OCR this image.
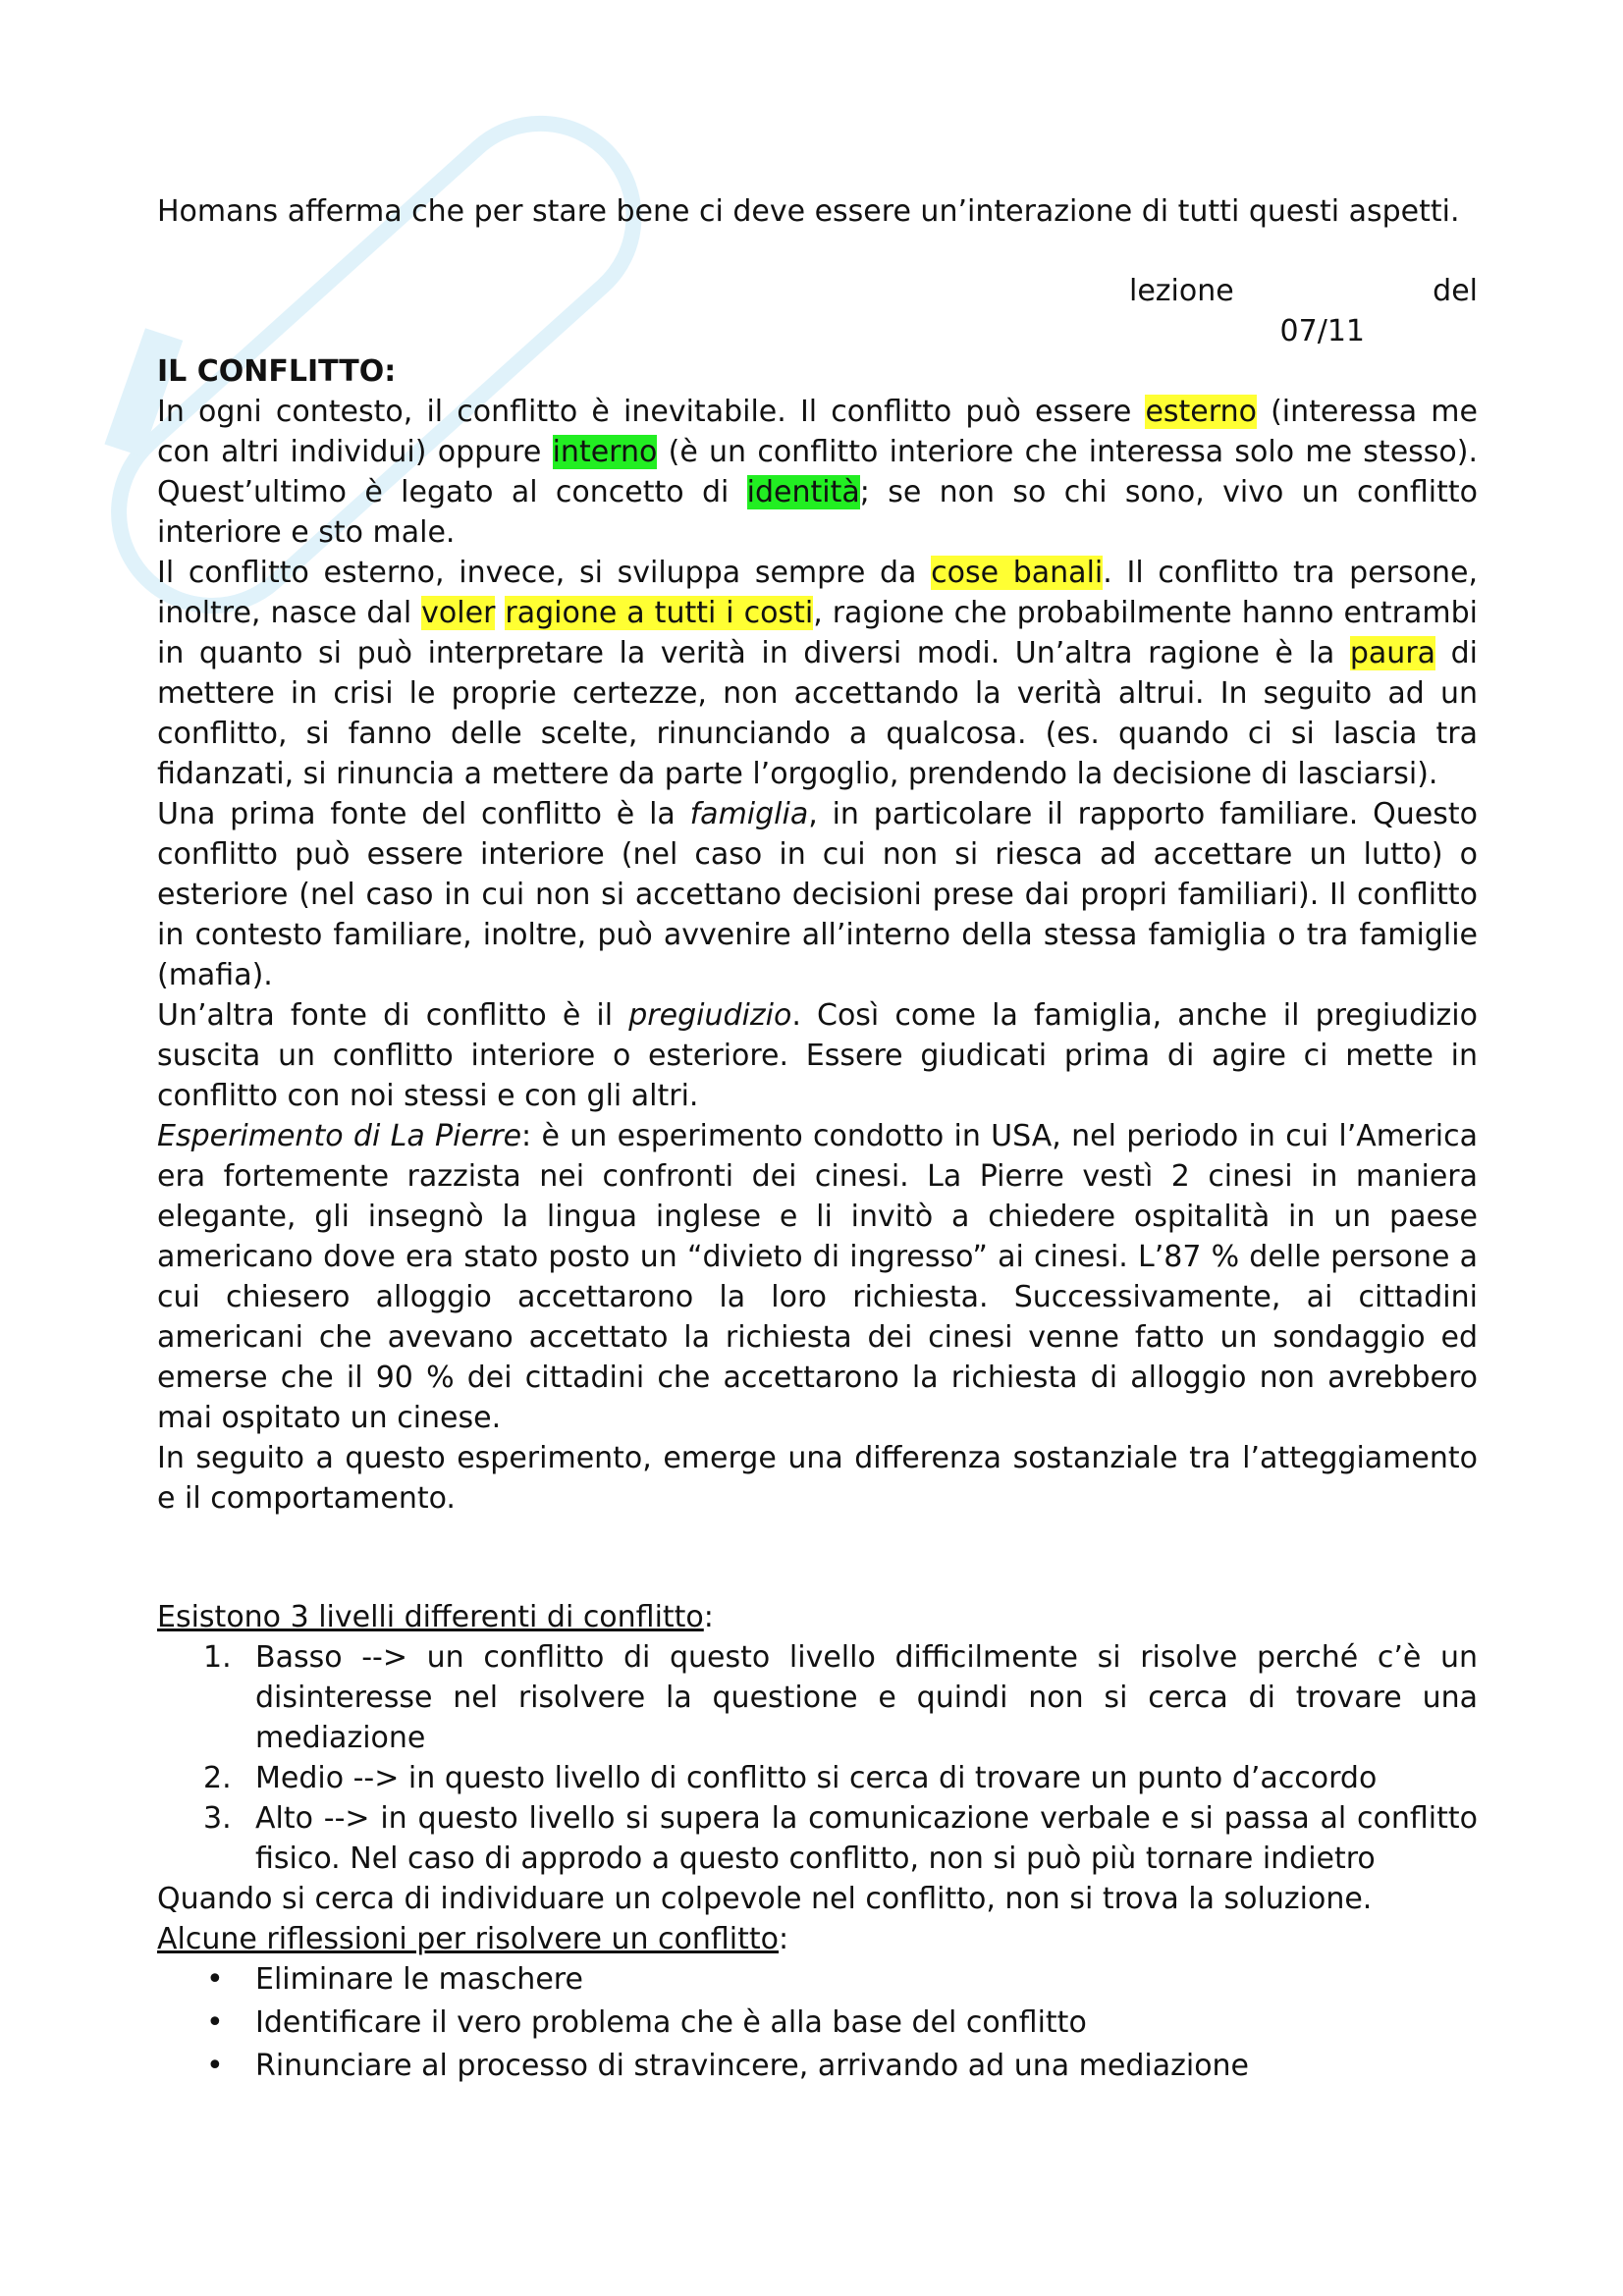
Homans afferma che per stare bene ci deve essere un’interazione di tutti questi aspetti.

lezione	del

07/11

IL CONFLITTO:

In ogni contesto, il conflitto è inevitabile. Il conflitto può essere esterno (interessa me con altri individui) oppure interno (è un conflitto interiore che interessa solo me stesso). Quest’ultimo è legato al concetto di identità; se non so chi sono, vivo un conflitto interiore e sto male.

Il conflitto esterno, invece, si sviluppa sempre da cose banali. Il conflitto tra persone, inoltre, nasce dal voler ragione a tutti i costi, ragione che probabilmente hanno entrambi in quanto si può interpretare la verità in diversi modi. Un’altra ragione è la paura di mettere in crisi le proprie certezze, non accettando la verità altrui. In seguito ad un conflitto, si fanno delle scelte, rinunciando a qualcosa. (es. quando ci si lascia tra fidanzati, si rinuncia a mettere da parte l’orgoglio, prendendo la decisione di lasciarsi).

Una prima fonte del conflitto è la famiglia, in particolare il rapporto familiare. Questo conflitto può essere interiore (nel caso in cui non si riesca ad accettare un lutto) o esteriore (nel caso in cui non si accettano decisioni prese dai propri familiari). Il conflitto in contesto familiare, inoltre, può avvenire all’interno della stessa famiglia o tra famiglie (mafia).

Un’altra fonte di conflitto è il pregiudizio. Così come la famiglia, anche il pregiudizio suscita un conflitto interiore o esteriore. Essere giudicati prima di agire ci mette in conflitto con noi stessi e con gli altri.

Esperimento di La Pierre: è un esperimento condotto in USA, nel periodo in cui l’America era fortemente razzista nei confronti dei cinesi. La Pierre vestì 2 cinesi in maniera elegante, gli insegnò la lingua inglese e li invitò a chiedere ospitalità in un paese americano dove era stato posto un “divieto di ingresso” ai cinesi. L’87 % delle persone a cui chiesero alloggio accettarono la loro richiesta. Successivamente, ai cittadini americani che avevano accettato la richiesta dei cinesi venne fatto un sondaggio ed emerse che il 90 % dei cittadini che accettarono la richiesta di alloggio non avrebbero mai ospitato un cinese.

In seguito a questo esperimento, emerge una differenza sostanziale tra l’atteggiamento e il comportamento.

Esistono 3 livelli differenti di conflitto:

1. Basso --> un conflitto di questo livello difficilmente si risolve perché c’è un disinteresse nel risolvere la questione e quindi non si cerca di trovare una mediazione
2. Medio --> in questo livello di conflitto si cerca di trovare un punto d’accordo
3. Alto --> in questo livello si supera la comunicazione verbale e si passa al conflitto fisico. Nel caso di approdo a questo conflitto, non si può più tornare indietro

Quando si cerca di individuare un colpevole nel conflitto, non si trova la soluzione.

Alcune riflessioni per risolvere un conflitto:

• Eliminare le maschere
• Identificare il vero problema che è alla base del conflitto
• Rinunciare al processo di stravincere, arrivando ad una mediazione
